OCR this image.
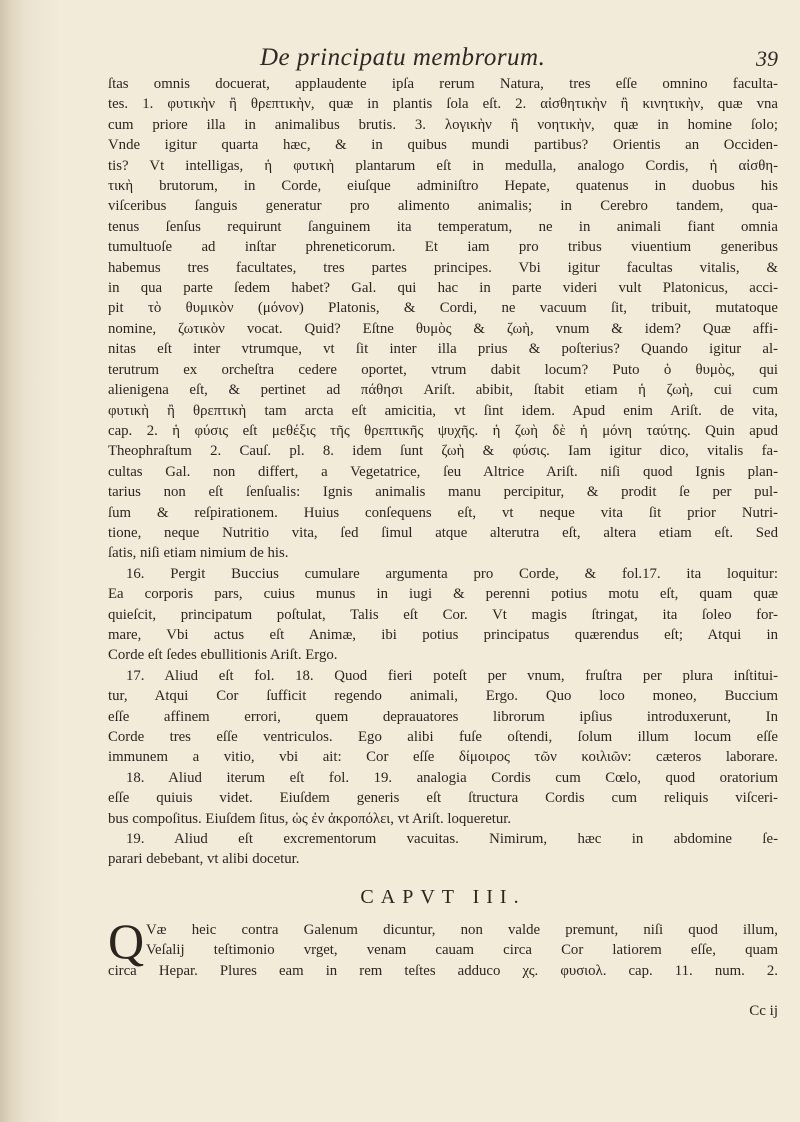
De principatu membrorum.	39
ſtas omnis docuerat, applaudente ipſa rerum Natura, tres eſſe omnino faculta-
tes. 1. φυτικὴν ἢ θρεπτικὴν, quæ in plantis ſola eſt. 2. αἰσθητικὴν ἢ κινητικὴν, quæ vna
cum priore illa in animalibus brutis. 3. λογικὴν ἢ νοητικὴν, quæ in homine ſolo;
Vnde igitur quarta hæc, & in quibus mundi partibus? Orientis an Occiden-
tis? Vt intelligas, ἡ φυτικὴ plantarum eſt in medulla, analogo Cordis, ἡ αἰσθη-
τικὴ brutorum, in Corde, eiuſque adminiſtro Hepate, quatenus in duobus his
viſceribus ſanguis generatur pro alimento animalis; in Cerebro tandem, qua-
tenus ſenſus requirunt ſanguinem ita temperatum, ne in animali fiant omnia
tumultuoſe ad inſtar phreneticorum. Et iam pro tribus viuentium generibus
habemus tres facultates, tres partes principes. Vbi igitur facultas vitalis, &
in qua parte ſedem habet? Gal. qui hac in parte videri vult Platonicus, acci-
pit τὸ θυμικὸν (μόνον) Platonis, & Cordi, ne vacuum ſit, tribuit, mutatoque
nomine, ζωτικὸν vocat. Quid? Eſtne θυμὸς & ζωὴ, vnum & idem? Quæ affi-
nitas eſt inter vtrumque, vt ſit inter illa prius & poſterius? Quando igitur al-
terutrum ex orcheſtra cedere oportet, vtrum dabit locum? Puto ὁ θυμὸς, qui
alienigena eſt, & pertinet ad πάθησι Ariſt. abibit, ſtabit etiam ἡ ζωὴ, cui cum
φυτικὴ ἢ θρεπτικὴ tam arcta eſt amicitia, vt ſint idem. Apud enim Ariſt. de vita,
cap. 2. ἡ φύσις eſt μεθέξις τῆς θρεπτικῆς ψυχῆς. ἡ ζωὴ δὲ ἡ μόνη ταύτης. Quin apud
Theophraſtum 2. Cauſ. pl. 8. idem ſunt ζωὴ & φύσις. Iam igitur dico, vitalis fa-
cultas Gal. non differt, a Vegetatrice, ſeu Altrice Ariſt. niſi quod Ignis plan-
tarius non eſt ſenſualis: Ignis animalis manu percipitur, & prodit ſe per pul-
ſum & reſpirationem. Huius conſequens eſt, vt neque vita ſit prior Nutri-
tione, neque Nutritio vita, ſed ſimul atque alterutra eſt, altera etiam eſt. Sed
ſatis, niſi etiam nimium de his.
16. Pergit Buccius cumulare argumenta pro Corde, & fol.17. ita loquitur:
Ea corporis pars, cuius munus in iugi & perenni potius motu eſt, quam quæ
quieſcit, principatum poſtulat, Talis eſt Cor. Vt magis ſtringat, ita ſoleo for-
mare, Vbi actus eſt Animæ, ibi potius principatus quærendus eſt; Atqui in
Corde eſt ſedes ebullitionis Ariſt. Ergo.
17. Aliud eſt fol. 18. Quod fieri poteſt per vnum, fruſtra per plura inſtitui-
tur, Atqui Cor ſufficit regendo animali, Ergo. Quo loco moneo, Buccium
eſſe affinem errori, quem deprauatores librorum ipſius introduxerunt, In
Corde tres eſſe ventriculos. Ego alibi fuſe oſtendi, ſolum illum locum eſſe
immunem a vitio, vbi ait: Cor eſſe δίμοιρος τῶν κοιλιῶν: cæteros laborare.
18. Aliud iterum eſt fol. 19. analogia Cordis cum Cœlo, quod oratorium
eſſe quiuis videt. Eiuſdem generis eſt ſtructura Cordis cum reliquis viſceri-
bus compoſitus. Eiuſdem ſitus, ὡς ἐν ἀκροπόλει, vt Ariſt. loqueretur.
19. Aliud eſt excrementorum vacuitas. Nimirum, hæc in abdomine ſe-
parari debebant, vt alibi docetur.
CAPVT III.
Q Væ heic contra Galenum dicuntur, non valde premunt, niſi quod illum,
Veſalij teſtimonio vrget, venam cauam circa Cor latiorem eſſe, quam
circa Hepar. Plures eam in rem teſtes adduco χς. φυσιολ. cap. 11. num. 2.
Cc ij
